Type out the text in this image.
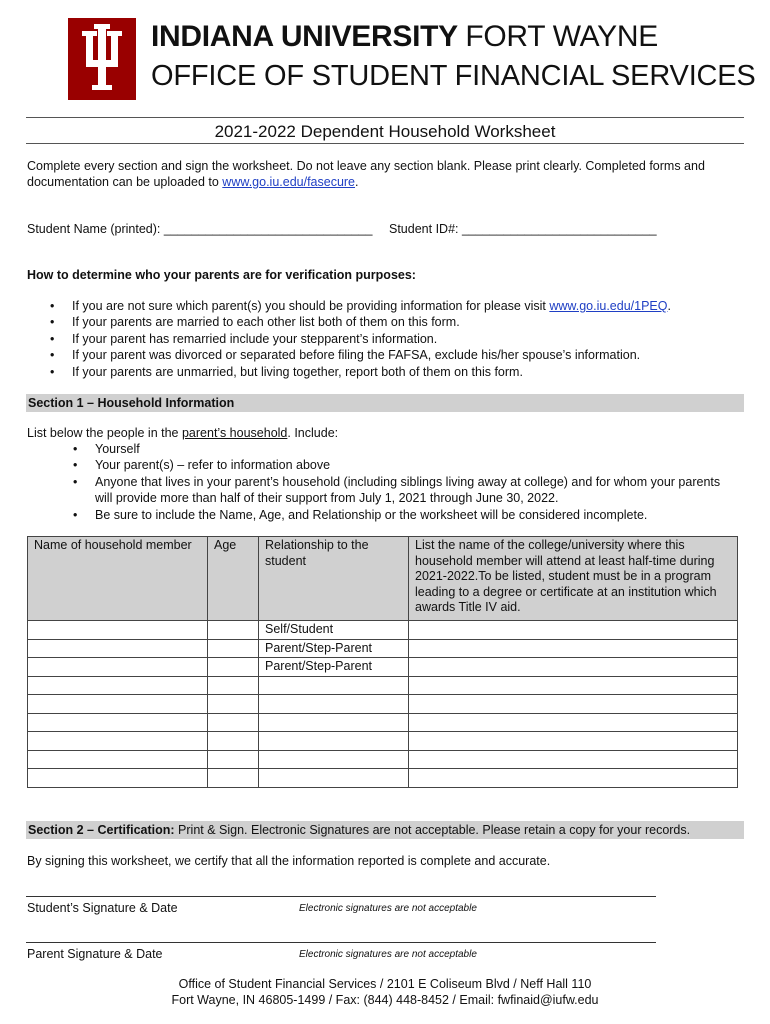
INDIANA UNIVERSITY FORT WAYNE
OFFICE OF STUDENT FINANCIAL SERVICES
2021-2022 Dependent Household Worksheet
Complete every section and sign the worksheet. Do not leave any section blank. Please print clearly. Completed forms and documentation can be uploaded to www.go.iu.edu/fasecure.
Student Name (printed): ______________________________ Student ID#: ____________________________
How to determine who your parents are for verification purposes:
• If you are not sure which parent(s) you should be providing information for please visit www.go.iu.edu/1PEQ.
• If your parents are married to each other list both of them on this form.
• If your parent has remarried include your stepparent’s information.
• If your parent was divorced or separated before filing the FAFSA, exclude his/her spouse’s information.
• If your parents are unmarried, but living together, report both of them on this form.
Section 1 – Household Information
List below the people in the parent’s household. Include:
• Yourself
• Your parent(s) – refer to information above
• Anyone that lives in your parent’s household (including siblings living away at college) and for whom your parents will provide more than half of their support from July 1, 2021 through June 30, 2022.
• Be sure to include the Name, Age, and Relationship or the worksheet will be considered incomplete.
Name of household member	Age	Relationship to the student	List the name of the college/university where this household member will attend at least half-time during 2021-2022.To be listed, student must be in a program leading to a degree or certificate at an institution which awards Title IV aid.
		Self/Student	
		Parent/Step-Parent	
		Parent/Step-Parent	

Section 2 – Certification: Print & Sign. Electronic Signatures are not acceptable. Please retain a copy for your records.
By signing this worksheet, we certify that all the information reported is complete and accurate.
Student’s Signature & Date	Electronic signatures are not acceptable
Parent Signature & Date	Electronic signatures are not acceptable
Office of Student Financial Services / 2101 E Coliseum Blvd / Neff Hall 110
Fort Wayne, IN 46805-1499 / Fax: (844) 448-8452 / Email: fwfinaid@iufw.edu
